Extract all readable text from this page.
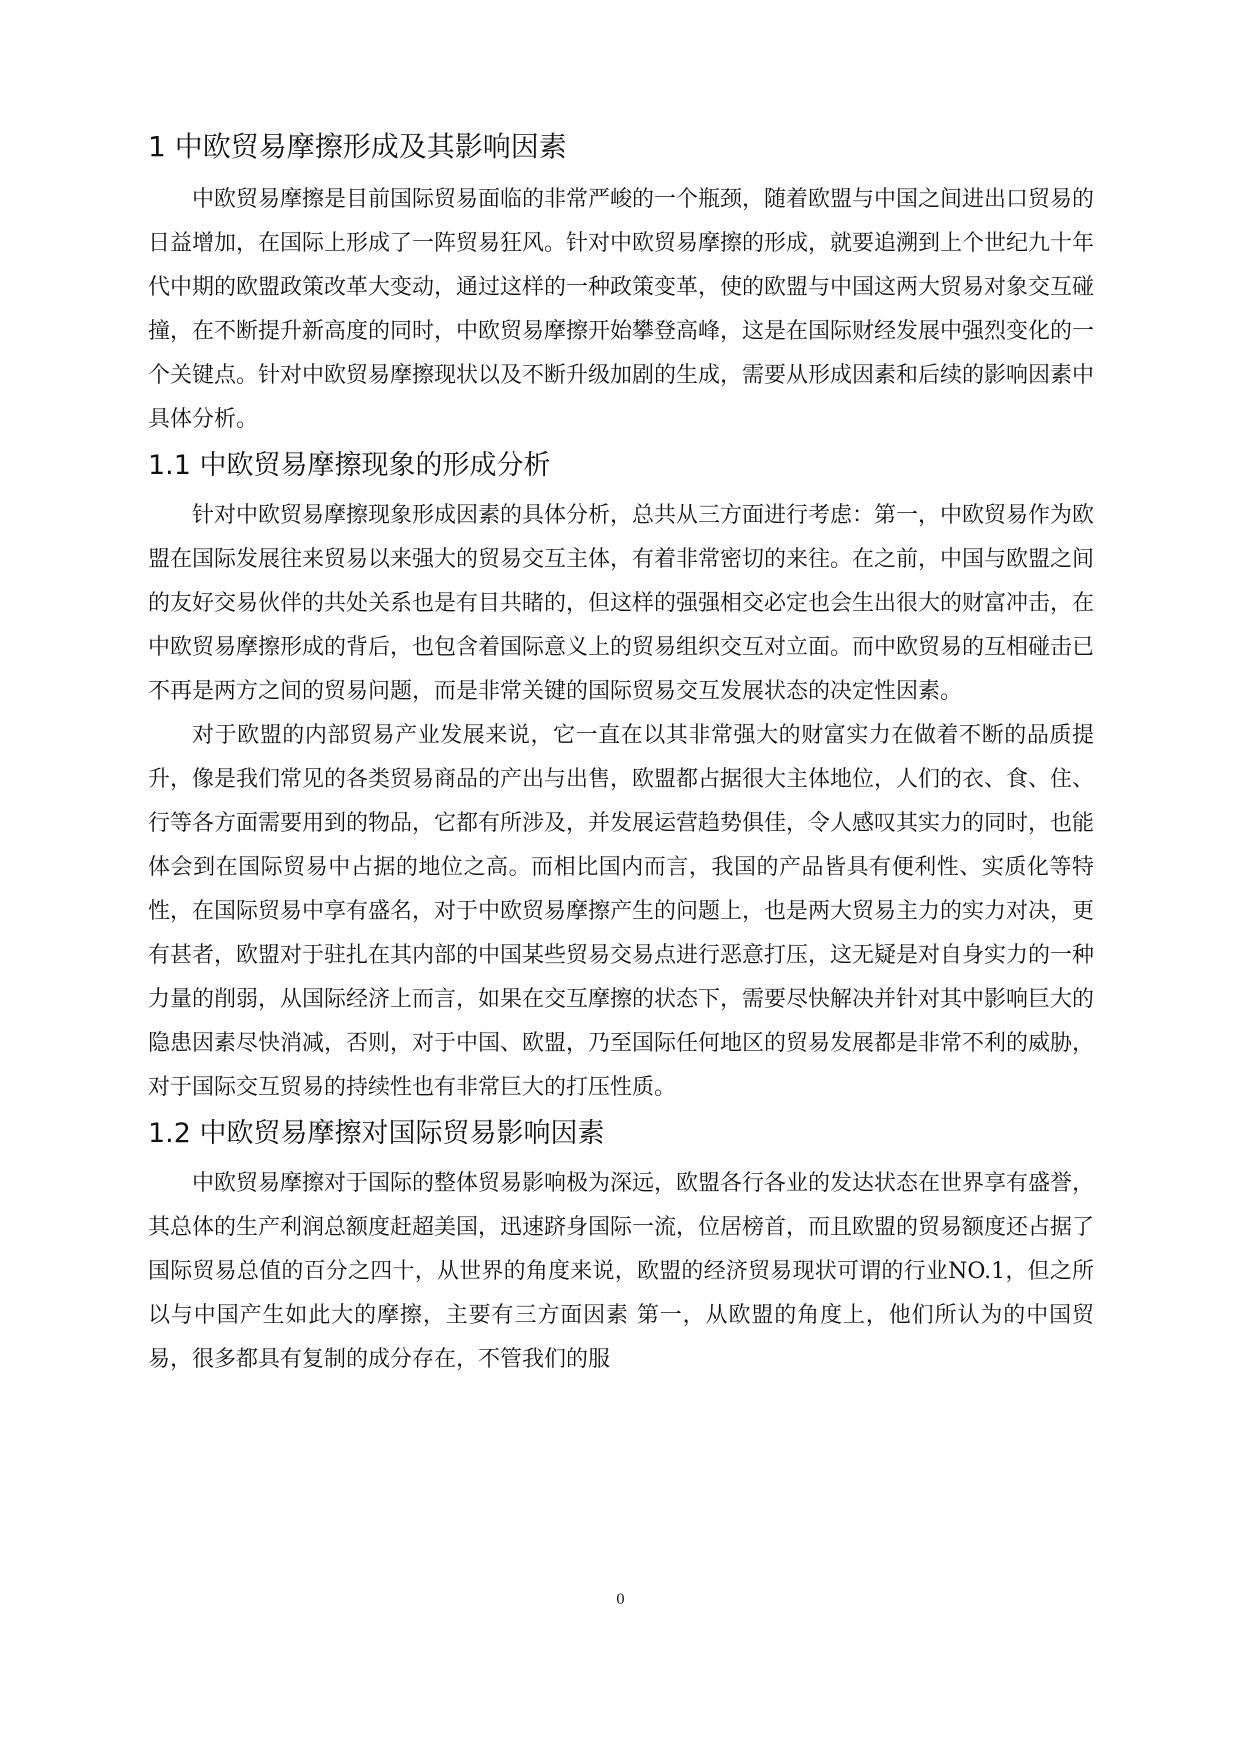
1 中欧贸易摩擦形成及其影响因素

中欧贸易摩擦是目前国际贸易面临的非常严峻的一个瓶颈，随着欧盟与中国之间进出口贸易的日益增加，在国际上形成了一阵贸易狂风。针对中欧贸易摩擦的形成，就要追溯到上个世纪九十年代中期的欧盟政策改革大变动，通过这样的一种政策变革，使的欧盟与中国这两大贸易对象交互碰撞，在不断提升新高度的同时，中欧贸易摩擦开始攀登高峰，这是在国际财经发展中强烈变化的一个关键点。针对中欧贸易摩擦现状以及不断升级加剧的生成，需要从形成因素和后续的影响因素中具体分析。

1.1 中欧贸易摩擦现象的形成分析

针对中欧贸易摩擦现象形成因素的具体分析，总共从三方面进行考虑：第一，中欧贸易作为欧盟在国际发展往来贸易以来强大的贸易交互主体，有着非常密切的来往。在之前，中国与欧盟之间的友好交易伙伴的共处关系也是有目共睹的，但这样的强强相交必定也会生出很大的财富冲击，在中欧贸易摩擦形成的背后，也包含着国际意义上的贸易组织交互对立面。而中欧贸易的互相碰击已不再是两方之间的贸易问题，而是非常关键的国际贸易交互发展状态的决定性因素。

对于欧盟的内部贸易产业发展来说，它一直在以其非常强大的财富实力在做着不断的品质提升，像是我们常见的各类贸易商品的产出与出售，欧盟都占据很大主体地位，人们的衣、食、住、行等各方面需要用到的物品，它都有所涉及，并发展运营趋势俱佳，令人感叹其实力的同时，也能体会到在国际贸易中占据的地位之高。而相比国内而言，我国的产品皆具有便利性、实质化等特性，在国际贸易中享有盛名，对于中欧贸易摩擦产生的问题上，也是两大贸易主力的实力对决，更有甚者，欧盟对于驻扎在其内部的中国某些贸易交易点进行恶意打压，这无疑是对自身实力的一种力量的削弱，从国际经济上而言，如果在交互摩擦的状态下，需要尽快解决并针对其中影响巨大的隐患因素尽快消减，否则，对于中国、欧盟，乃至国际任何地区的贸易发展都是非常不利的威胁，对于国际交互贸易的持续性也有非常巨大的打压性质。

1.2 中欧贸易摩擦对国际贸易影响因素

中欧贸易摩擦对于国际的整体贸易影响极为深远，欧盟各行各业的发达状态在世界享有盛誉，其总体的生产利润总额度赶超美国，迅速跻身国际一流，位居榜首，而且欧盟的贸易额度还占据了国际贸易总值的百分之四十，从世界的角度来说，欧盟的经济贸易现状可谓的行业NO.1，但之所以与中国产生如此大的摩擦，主要有三方面因素 第一，从欧盟的角度上，他们所认为的中国贸易，很多都具有复制的成分存在，不管我们的服

0
